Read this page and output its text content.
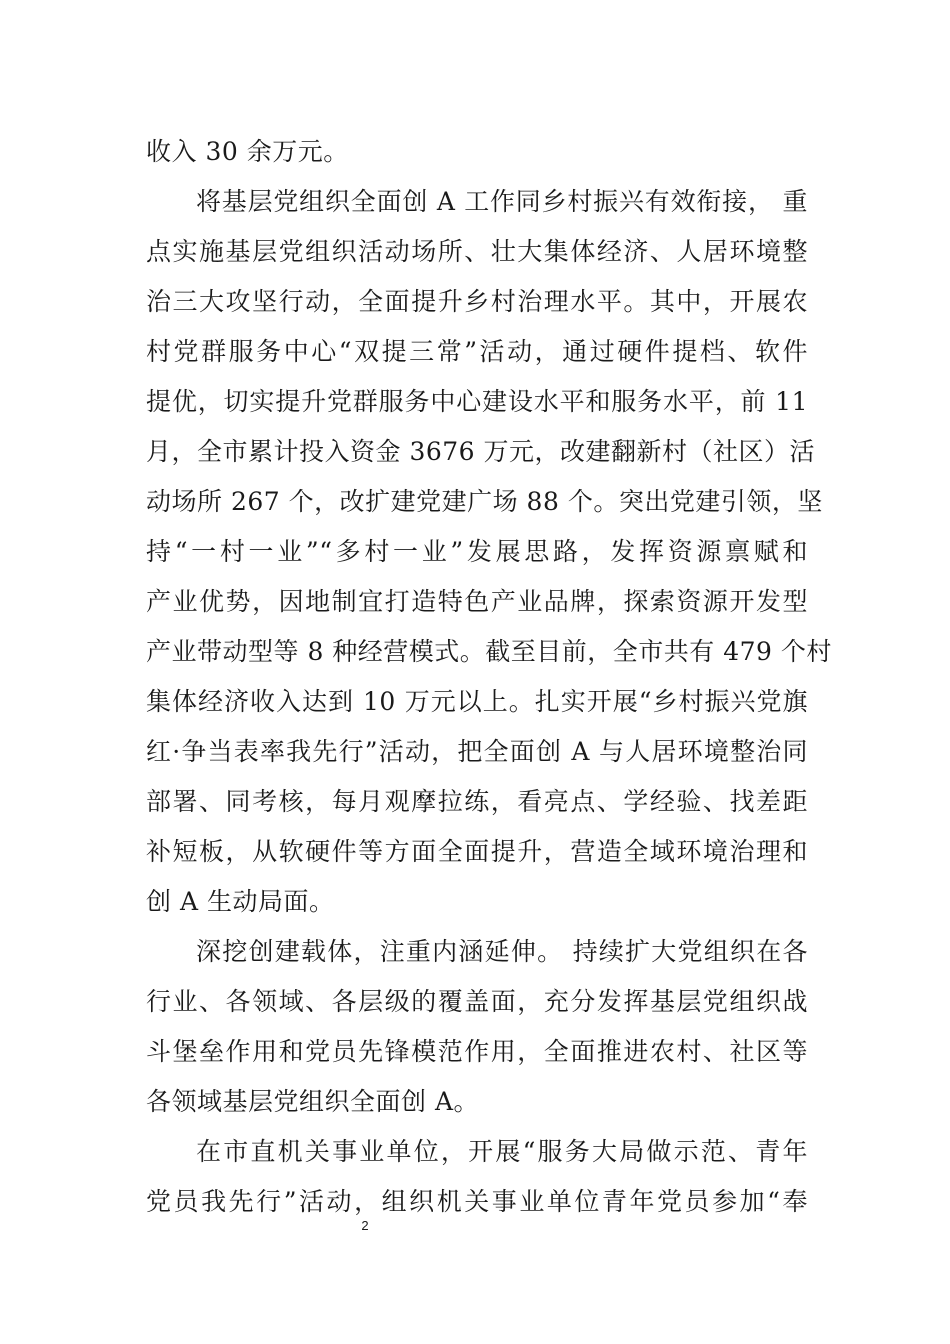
收入 30 余万元。
将基层党组织全面创 A 工作同乡村振兴有效衔接， 重
点实施基层党组织活动场所、壮大集体经济、人居环境整
治三大攻坚行动，全面提升乡村治理水平。其中，开展农
村党群服务中心“双提三常”活动，通过硬件提档、软件
提优，切实提升党群服务中心建设水平和服务水平，前 11
月，全市累计投入资金 3676 万元，改建翻新村（社区）活
动场所 267 个，改扩建党建广场 88 个。突出党建引领，坚
持“一村一业”“多村一业”发展思路，发挥资源禀赋和
产业优势，因地制宜打造特色产业品牌，探索资源开发型
产业带动型等 8 种经营模式。截至目前，全市共有 479 个村
集体经济收入达到 10 万元以上。扎实开展“乡村振兴党旗
红·争当表率我先行”活动，把全面创 A 与人居环境整治同
部署、同考核，每月观摩拉练，看亮点、学经验、找差距
补短板，从软硬件等方面全面提升，营造全域环境治理和
创 A 生动局面。
深挖创建载体，注重内涵延伸。 持续扩大党组织在各
行业、各领域、各层级的覆盖面，充分发挥基层党组织战
斗堡垒作用和党员先锋模范作用，全面推进农村、社区等
各领域基层党组织全面创 A。
在市直机关事业单位，开展“服务大局做示范、青年
党员我先行”活动，组织机关事业单位青年党员参加“奉
2
